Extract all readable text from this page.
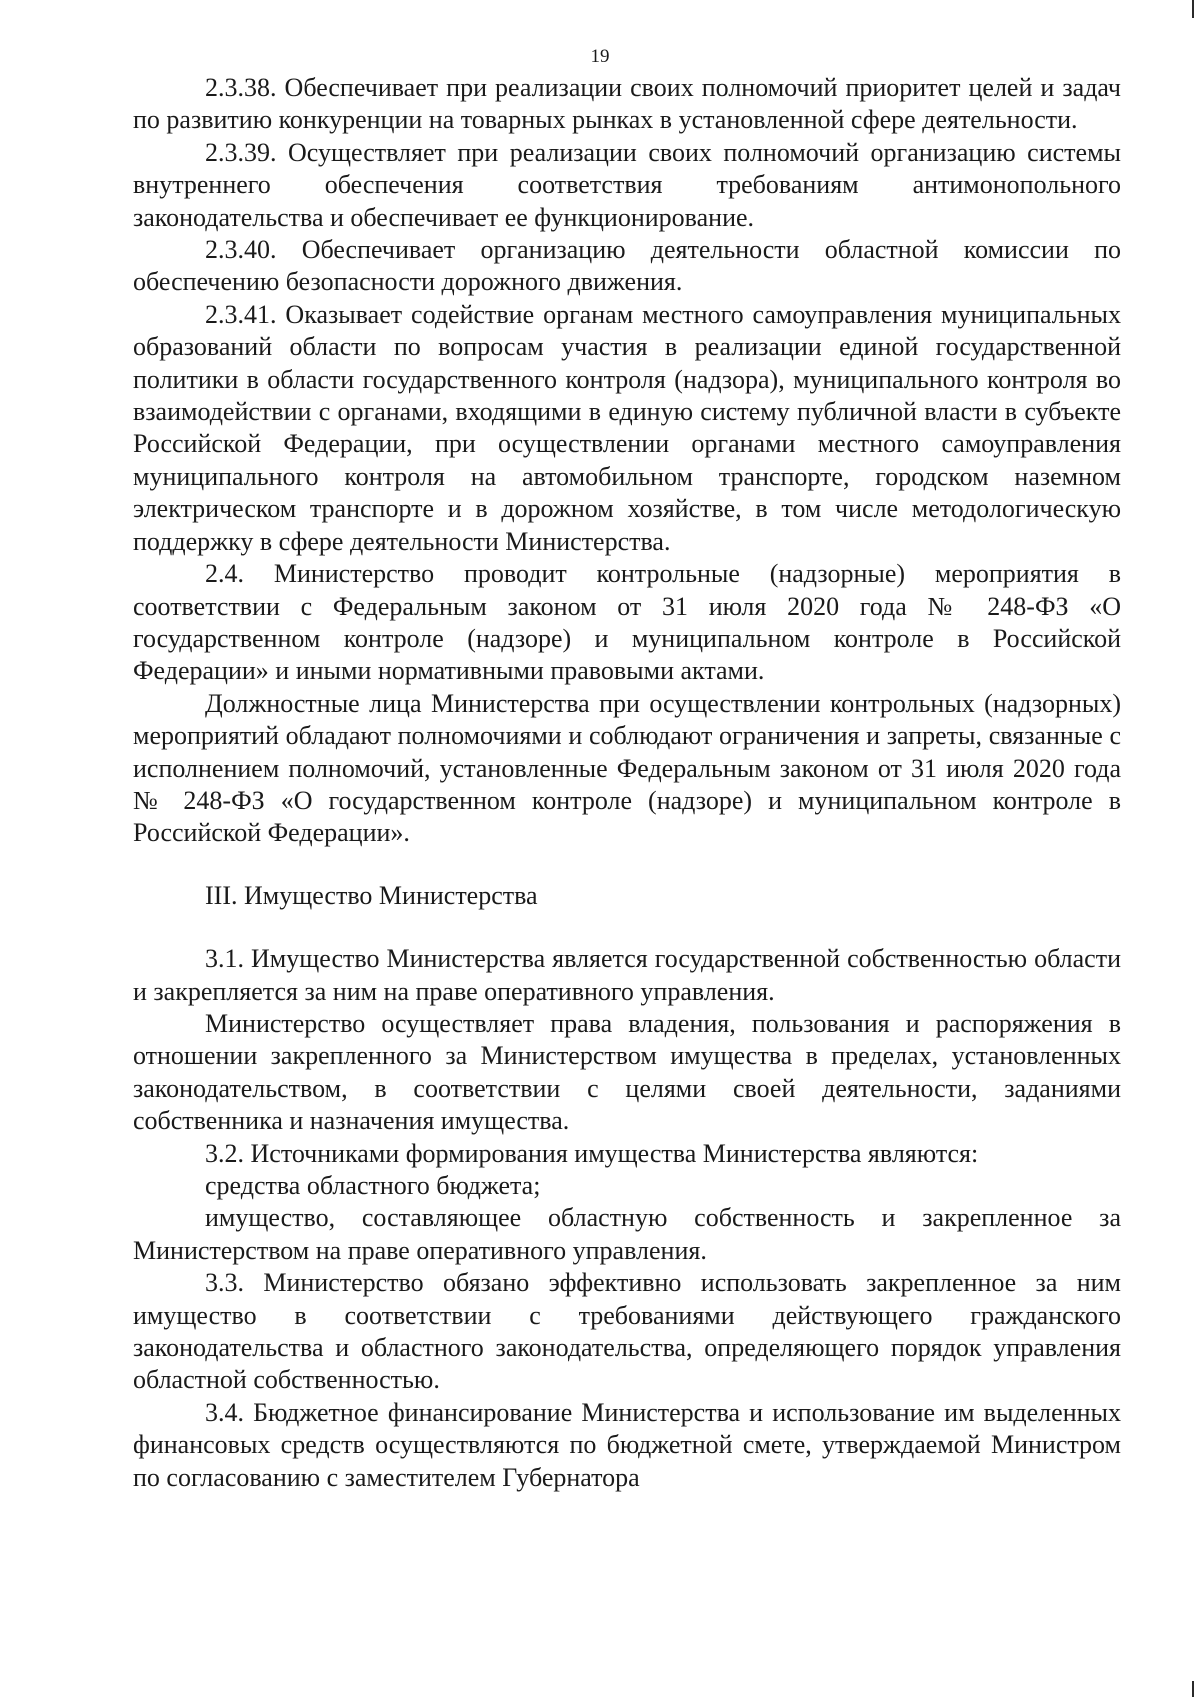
19

2.3.38. Обеспечивает при реализации своих полномочий приоритет целей и задач по развитию конкуренции на товарных рынках в установленной сфере деятельности.

2.3.39. Осуществляет при реализации своих полномочий организацию системы внутреннего обеспечения соответствия требованиям антимонопольного законодательства и обеспечивает ее функционирование.

2.3.40. Обеспечивает организацию деятельности областной комиссии по обеспечению безопасности дорожного движения.

2.3.41. Оказывает содействие органам местного самоуправления муниципальных образований области по вопросам участия в реализации единой государственной политики в области государственного контроля (надзора), муниципального контроля во взаимодействии с органами, входящими в единую систему публичной власти в субъекте Российской Федерации, при осуществлении органами местного самоуправления муниципального контроля на автомобильном транспорте, городском наземном электрическом транспорте и в дорожном хозяйстве, в том числе методологическую поддержку в сфере деятельности Министерства.

2.4. Министерство проводит контрольные (надзорные) мероприятия в соответствии с Федеральным законом от 31 июля 2020 года № 248-ФЗ «О государственном контроле (надзоре) и муниципальном контроле в Российской Федерации» и иными нормативными правовыми актами.

Должностные лица Министерства при осуществлении контрольных (надзорных) мероприятий обладают полномочиями и соблюдают ограничения и запреты, связанные с исполнением полномочий, установленные Федеральным законом от 31 июля 2020 года № 248-ФЗ «О государственном контроле (надзоре) и муниципальном контроле в Российской Федерации».

III. Имущество Министерства

3.1. Имущество Министерства является государственной собственностью области и закрепляется за ним на праве оперативного управления.

Министерство осуществляет права владения, пользования и распоряжения в отношении закрепленного за Министерством имущества в пределах, установленных законодательством, в соответствии с целями своей деятельности, заданиями собственника и назначения имущества.

3.2. Источниками формирования имущества Министерства являются:

средства областного бюджета;

имущество, составляющее областную собственность и закрепленное за Министерством на праве оперативного управления.

3.3. Министерство обязано эффективно использовать закрепленное за ним имущество в соответствии с требованиями действующего гражданского законодательства и областного законодательства, определяющего порядок управления областной собственностью.

3.4. Бюджетное финансирование Министерства и использование им выделенных финансовых средств осуществляются по бюджетной смете, утверждаемой Министром по согласованию с заместителем Губернатора
